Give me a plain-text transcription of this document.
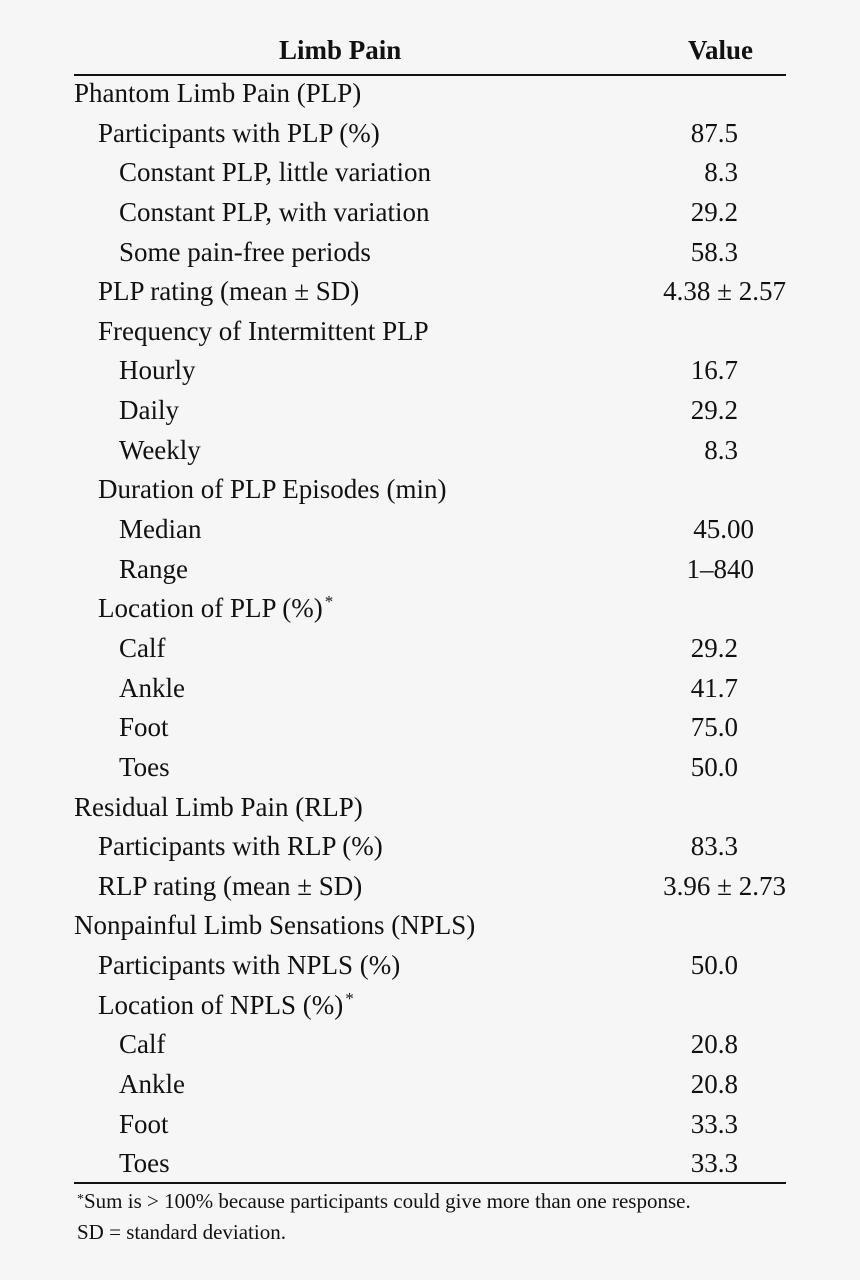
Limb Pain	Value
Phantom Limb Pain (PLP)
Participants with PLP (%)	87.5
Constant PLP, little variation	8.3
Constant PLP, with variation	29.2
Some pain-free periods	58.3
PLP rating (mean ± SD)	4.38 ± 2.57
Frequency of Intermittent PLP
Hourly	16.7
Daily	29.2
Weekly	8.3
Duration of PLP Episodes (min)
Median	45.00
Range	1–840
Location of PLP (%) *
Calf	29.2
Ankle	41.7
Foot	75.0
Toes	50.0
Residual Limb Pain (RLP)
Participants with RLP (%)	83.3
RLP rating (mean ± SD)	3.96 ± 2.73
Nonpainful Limb Sensations (NPLS)
Participants with NPLS (%)	50.0
Location of NPLS (%) *
Calf	20.8
Ankle	20.8
Foot	33.3
Toes	33.3
*Sum is > 100% because participants could give more than one response.
SD = standard deviation.
